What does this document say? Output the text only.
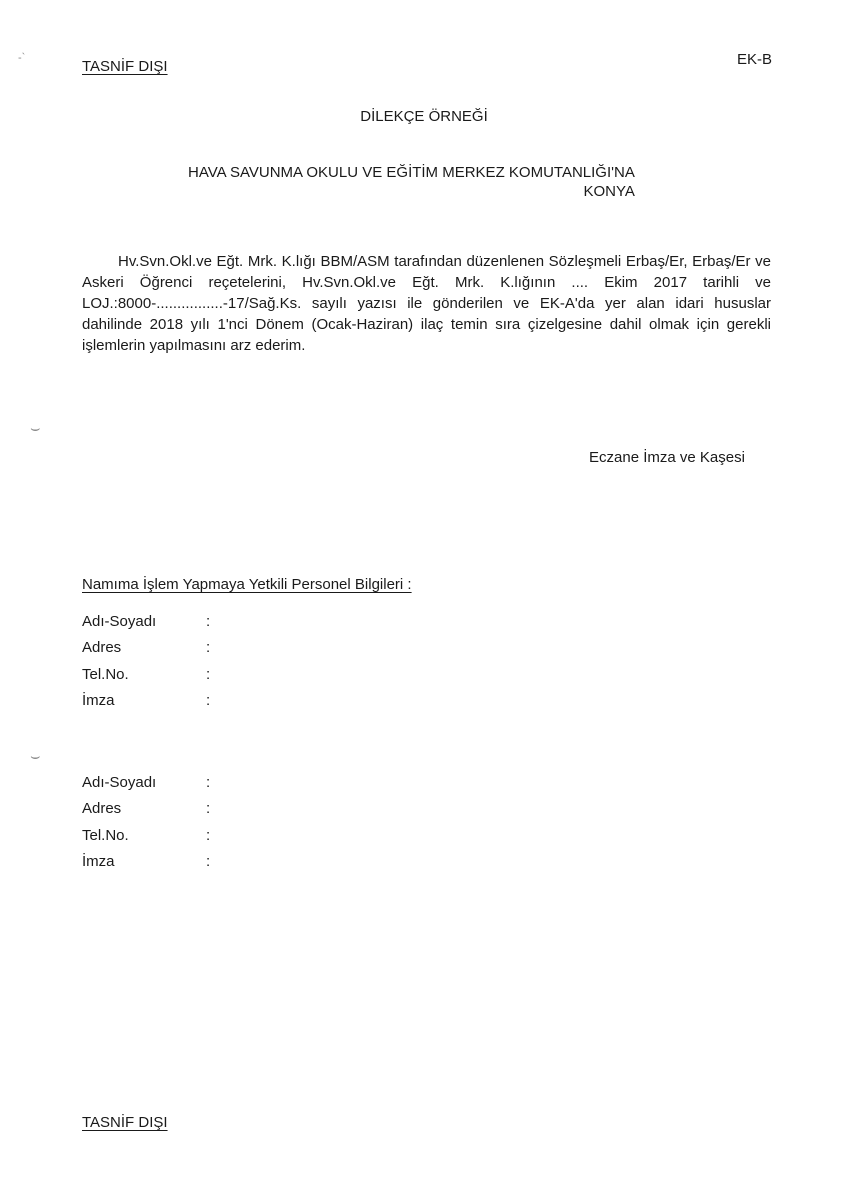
-`
⌣
⌣
TASNİF DIŞI	EK-B
DİLEKÇE ÖRNEĞİ
HAVA SAVUNMA OKULU VE EĞİTİM MERKEZ KOMUTANLIĞI'NA
KONYA
Hv.Svn.Okl.ve Eğt. Mrk. K.lığı BBM/ASM tarafından düzenlenen Sözleşmeli Erbaş/Er, Erbaş/Er ve Askeri Öğrenci reçetelerini, Hv.Svn.Okl.ve Eğt. Mrk. K.lığının .... Ekim 2017 tarihli ve LOJ.:8000-................-17/Sağ.Ks. sayılı yazısı ile gönderilen ve EK-A'da yer alan idari hususlar dahilinde 2018 yılı 1'nci Dönem (Ocak-Haziran) ilaç temin sıra çizelgesine dahil olmak için gerekli işlemlerin yapılmasını arz ederim.
Eczane İmza ve Kaşesi
Namıma İşlem Yapmaya Yetkili Personel Bilgileri :
Adı-Soyadı	:
Adres	:
Tel.No.	:
İmza	:
Adı-Soyadı	:
Adres	:
Tel.No.	:
İmza	:
TASNİF DIŞI
